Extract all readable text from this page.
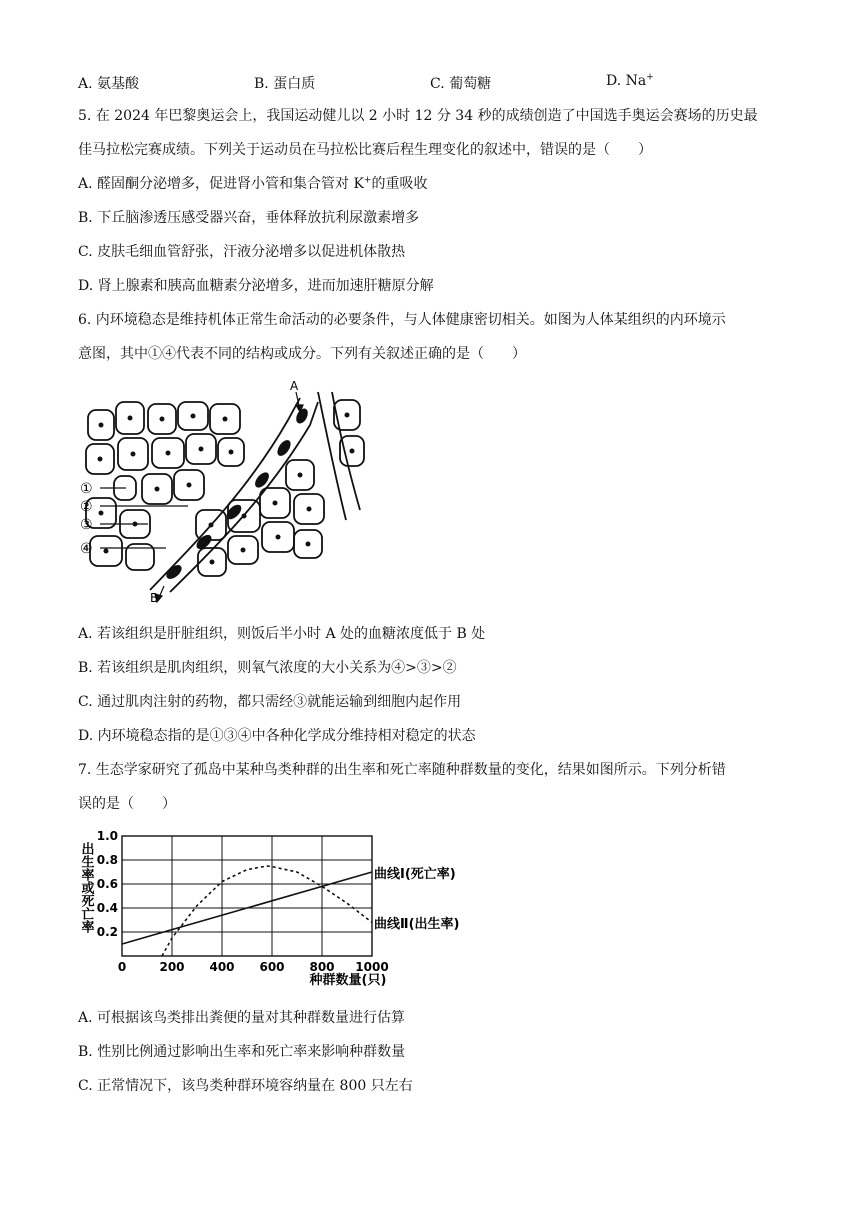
A. 氨基酸	B. 蛋白质	C. 葡萄糖	D. Na+
5. 在 2024 年巴黎奥运会上，我国运动健儿以 2 小时 12 分 34 秒的成绩创造了中国选手奥运会赛场的历史最
佳马拉松完赛成绩。下列关于运动员在马拉松比赛后程生理变化的叙述中，错误的是（　　）
A. 醛固酮分泌增多，促进肾小管和集合管对 K+的重吸收
B. 下丘脑渗透压感受器兴奋，垂体释放抗利尿激素增多
C. 皮肤毛细血管舒张，汗液分泌增多以促进机体散热
D. 肾上腺素和胰高血糖素分泌增多，进而加速肝糖原分解
6. 内环境稳态是维持机体正常生命活动的必要条件，与人体健康密切相关。如图为人体某组织的内环境示
意图，其中①④代表不同的结构或成分。下列有关叙述正确的是（　　）
A
B
①
②
③
④
A. 若该组织是肝脏组织，则饭后半小时 A 处的血糖浓度低于 B 处
B. 若该组织是肌肉组织，则氧气浓度的大小关系为④>③>②
C. 通过肌肉注射的药物，都只需经③就能运输到细胞内起作用
D. 内环境稳态指的是①③④中各种化学成分维持相对稳定的状态
7. 生态学家研究了孤岛中某种鸟类种群的出生率和死亡率随种群数量的变化，结果如图所示。下列分析错
误的是（　　）
0	200 400 600 800 1000
0.2
0.4
0.6
0.8
1.0
出生率或死亡率
种群数量(只)
曲线Ⅰ(死亡率)
曲线Ⅱ(出生率)
A. 可根据该鸟类排出粪便的量对其种群数量进行估算
B. 性别比例通过影响出生率和死亡率来影响种群数量
C. 正常情况下，该鸟类种群环境容纳量在 800 只左右
